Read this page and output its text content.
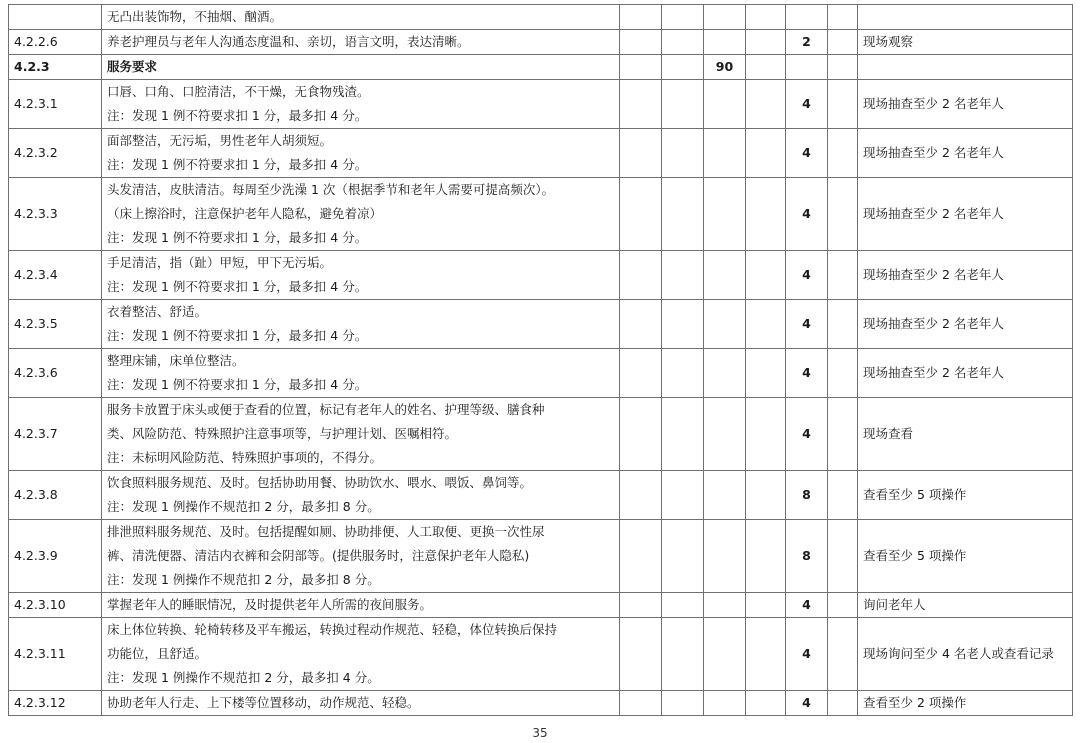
	无凸出装饰物，不抽烟、酗酒。							

4.2.2.6	养老护理员与老年人沟通态度温和、亲切，语言文明，表达清晰。					2		现场观察
4.2.3	服务要求			90				
4.2.3.1	口唇、口角、口腔清洁，不干燥，无食物残渣。
注：发现 1 例不符要求扣 1 分，最多扣 4 分。					4		现场抽查至少 2 名老年人
4.2.3.2	面部整洁，无污垢，男性老年人胡须短。
注：发现 1 例不符要求扣 1 分，最多扣 4 分。					4		现场抽查至少 2 名老年人
4.2.3.3	头发清洁，皮肤清洁。每周至少洗澡 1 次（根据季节和老年人需要可提高频次）。
（床上擦浴时，注意保护老年人隐私，避免着凉）
注：发现 1 例不符要求扣 1 分，最多扣 4 分。					4		现场抽查至少 2 名老年人
4.2.3.4	手足清洁，指（趾）甲短，甲下无污垢。
注：发现 1 例不符要求扣 1 分，最多扣 4 分。					4		现场抽查至少 2 名老年人
4.2.3.5	衣着整洁、舒适。
注：发现 1 例不符要求扣 1 分，最多扣 4 分。					4		现场抽查至少 2 名老年人
4.2.3.6	整理床铺，床单位整洁。
注：发现 1 例不符要求扣 1 分，最多扣 4 分。					4		现场抽查至少 2 名老年人
4.2.3.7	服务卡放置于床头或便于查看的位置，标记有老年人的姓名、护理等级、膳食种
类、风险防范、特殊照护注意事项等，与护理计划、医嘱相符。
注：未标明风险防范、特殊照护事项的，不得分。					4		现场查看
4.2.3.8	饮食照料服务规范、及时。包括协助用餐、协助饮水、喂水、喂饭、鼻饲等。
注：发现 1 例操作不规范扣 2 分，最多扣 8 分。					8		查看至少 5 项操作
4.2.3.9	排泄照料服务规范、及时。包括提醒如厕、协助排便、人工取便、更换一次性尿
裤、清洗便器、清洁内衣裤和会阴部等。(提供服务时，注意保护老年人隐私)
注：发现 1 例操作不规范扣 2 分，最多扣 8 分。					8		查看至少 5 项操作
4.2.3.10	掌握老年人的睡眠情况，及时提供老年人所需的夜间服务。					4		询问老年人
4.2.3.11	床上体位转换、轮椅转移及平车搬运，转换过程动作规范、轻稳，体位转换后保持
功能位，且舒适。
注：发现 1 例操作不规范扣 2 分，最多扣 4 分。					4		现场询问至少 4 名老人或查看记录
4.2.3.12	协助老年人行走、上下楼等位置移动，动作规范、轻稳。					4		查看至少 2 项操作
35
